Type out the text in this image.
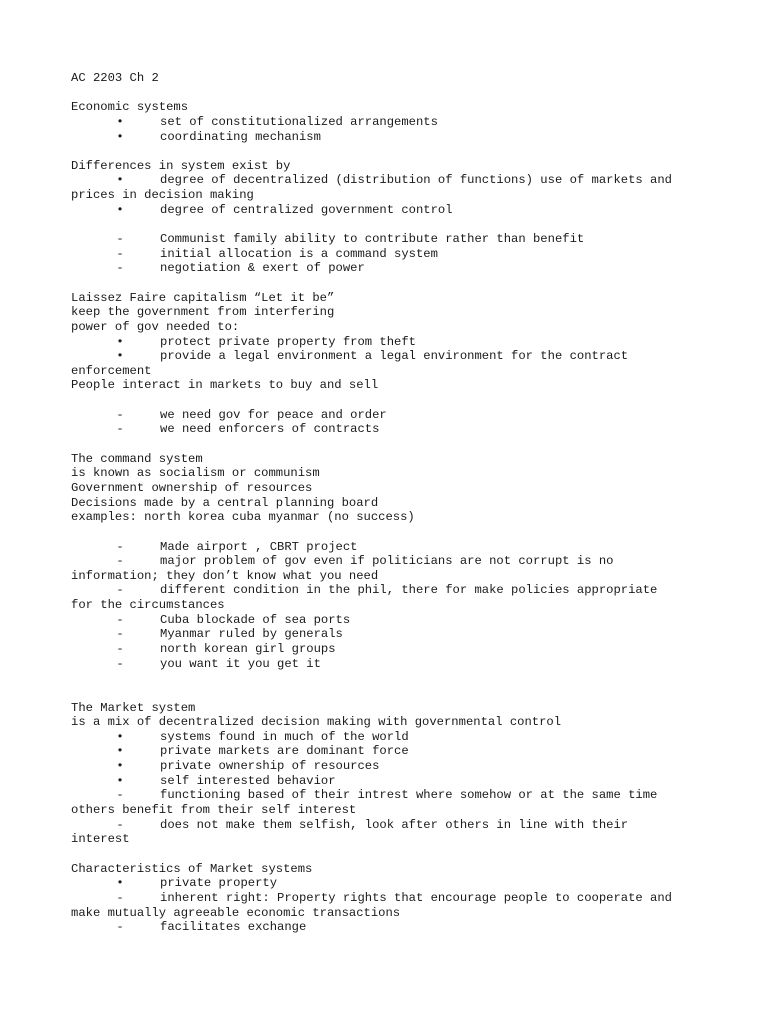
AC 2203 Ch 2
Economic systems
•	set of constitutionalized arrangements
•	coordinating mechanism
Differences in system exist by
•	degree of decentralized (distribution of functions) use of markets and
prices in decision making
•	degree of centralized government control
-	Communist family ability to contribute rather than benefit
-	initial allocation is a command system
-	negotiation & exert of power
Laissez Faire capitalism “Let it be”
keep the government from interfering
power of gov needed to:
•	protect private property from theft
•	provide a legal environment a legal environment for the contract
enforcement
People interact in markets to buy and sell
-	we need gov for peace and order
-	we need enforcers of contracts
The command system
is known as socialism or communism
Government ownership of resources
Decisions made by a central planning board
examples: north korea cuba myanmar (no success)
-	Made airport , CBRT project
-	major problem of gov even if politicians are not corrupt is no
information; they don’t know what you need
-	different condition in the phil, there for make policies appropriate
for the circumstances
-	Cuba blockade of sea ports
-	Myanmar ruled by generals
-	north korean girl groups
-	you want it you get it
The Market system
is a mix of decentralized decision making with governmental control
•	systems found in much of the world
•	private markets are dominant force
•	private ownership of resources
•	self interested behavior
-	functioning based of their intrest where somehow or at the same time
others benefit from their self interest
-	does not make them selfish, look after others in line with their
interest
Characteristics of Market systems
•	private property
-	inherent right: Property rights that encourage people to cooperate and
make mutually agreeable economic transactions
-	facilitates exchange
